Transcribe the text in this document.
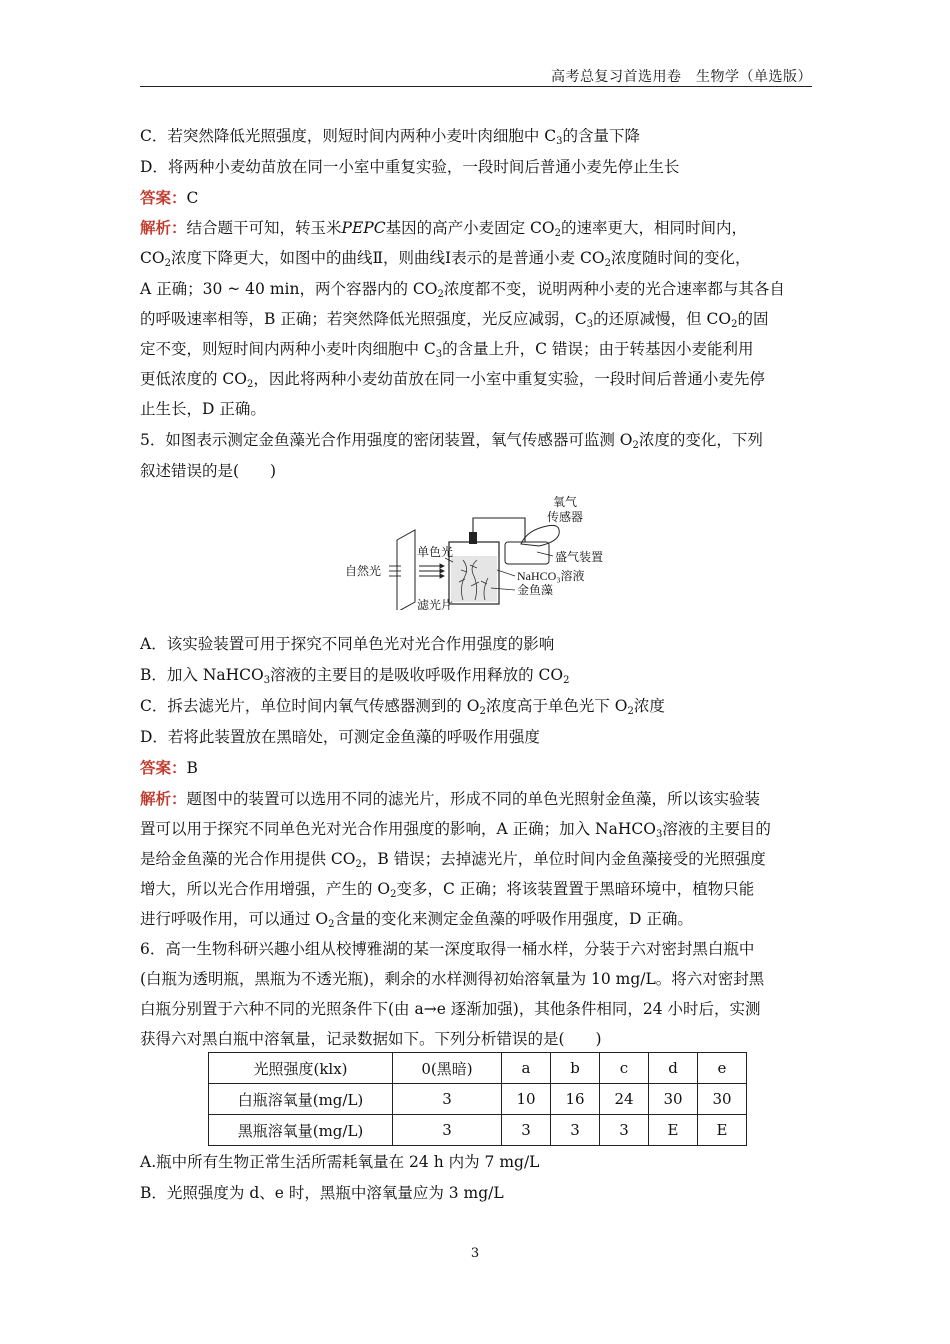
高考总复习首选用卷　生物学（单选版）
C．若突然降低光照强度，则短时间内两种小麦叶肉细胞中 $C_3$的含量下降
D．将两种小麦幼苗放在同一小室中重复实验，一段时间后普通小麦先停止生长
答案：C
解析：结合题干可知，转玉米PEPC基因的高产小麦固定 $CO_2$的速率更大，相同时间内，
$CO_2$浓度下降更大，如图中的曲线Ⅱ，则曲线Ⅰ表示的是普通小麦 $CO_2$浓度随时间的变化，
A 正确；30 ~ 40 min，两个容器内的 $CO_2$浓度都不变，说明两种小麦的光合速率都与其各自
的呼吸速率相等，B 正确；若突然降低光照强度，光反应减弱，$C_3$的还原减慢，但 $CO_2$的固
定不变，则短时间内两种小麦叶肉细胞中 $C_3$的含量上升，C 错误；由于转基因小麦能利用
更低浓度的 $CO_2$，因此将两种小麦幼苗放在同一小室中重复实验，一段时间后普通小麦先停
止生长，D 正确。
5．如图表示测定金鱼藻光合作用强度的密闭装置，氧气传感器可监测 $O_2$浓度的变化，下列
叙述错误的是(　　)
氧气
传感器
盛气装置
单色光
自然光	NaHCO₃溶液
金鱼藻
滤光片
A．该实验装置可用于探究不同单色光对光合作用强度的影响
B．加入 NaHCO$_3$溶液的主要目的是吸收呼吸作用释放的 $CO_2$
C．拆去滤光片，单位时间内氧气传感器测到的 $O_2$浓度高于单色光下 $O_2$浓度
D．若将此装置放在黑暗处，可测定金鱼藻的呼吸作用强度
答案：B
解析：题图中的装置可以选用不同的滤光片，形成不同的单色光照射金鱼藻，所以该实验装
置可以用于探究不同单色光对光合作用强度的影响，A 正确；加入 NaHCO$_3$溶液的主要目的
是给金鱼藻的光合作用提供 $CO_2$，B 错误；去掉滤光片，单位时间内金鱼藻接受的光照强度
增大，所以光合作用增强，产生的 $O_2$变多，C 正确；将该装置置于黑暗环境中，植物只能
进行呼吸作用，可以通过 $O_2$含量的变化来测定金鱼藻的呼吸作用强度，D 正确。
6．高一生物科研兴趣小组从校博雅湖的某一深度取得一桶水样，分装于六对密封黑白瓶中
(白瓶为透明瓶，黑瓶为不透光瓶)，剩余的水样测得初始溶氧量为 10 mg/L。将六对密封黑
白瓶分别置于六种不同的光照条件下(由 a→e 逐渐加强)，其他条件相同，24 小时后，实测
获得六对黑白瓶中溶氧量，记录数据如下。下列分析错误的是(　　)
光照强度(klx)	0(黑暗)	a	b	c	d	e
白瓶溶氧量(mg/L)	3	10	16	24	30	30
黑瓶溶氧量(mg/L)	3	3	3	3	E	E
A.瓶中所有生物正常生活所需耗氧量在 24 h 内为 7 mg/L
B．光照强度为 d、e 时，黑瓶中溶氧量应为 3 mg/L
3
